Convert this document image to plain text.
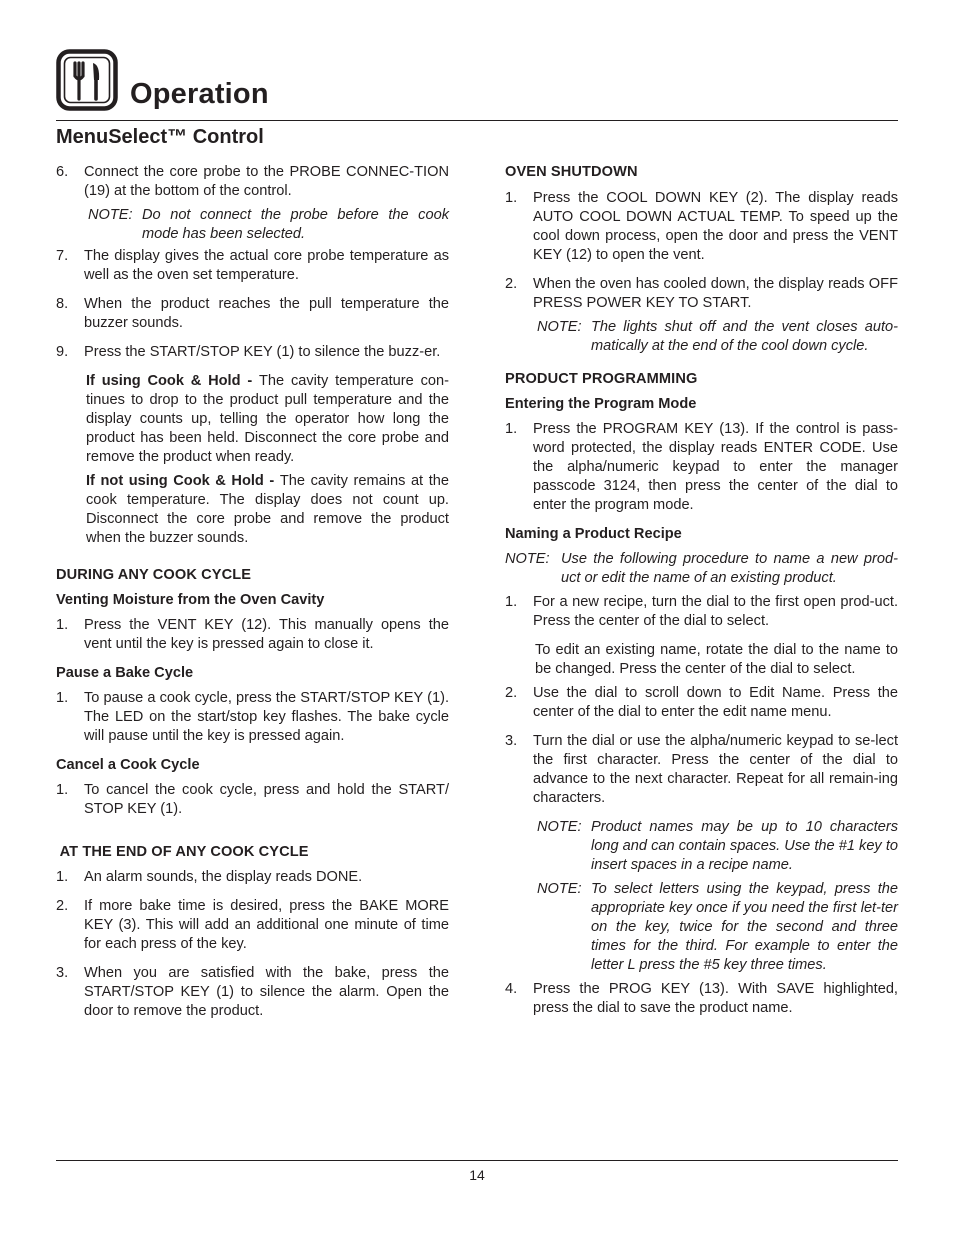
Operation
MenuSelect™ Control
6. Connect the core probe to the PROBE CONNEC-TION (19) at the bottom of the control.
NOTE: Do not connect the probe before the cook mode has been selected.
7. The display gives the actual core probe temperature as well as the oven set temperature.
8. When the product reaches the pull temperature the buzzer sounds.
9. Press the START/STOP KEY (1) to silence the buzz-er.

If using Cook & Hold - The cavity temperature con-tinues to drop to the product pull temperature and the display counts up, telling the operator how long the product has been held. Disconnect the core probe and remove the product when ready.

If not using Cook & Hold - The cavity remains at the cook temperature. The display does not count up. Disconnect the core probe and remove the product when the buzzer sounds.

DURING ANY COOK CYCLE
Venting Moisture from the Oven Cavity
1. Press the VENT KEY (12). This manually opens the vent until the key is pressed again to close it.
Pause a Bake Cycle
1. To pause a cook cycle, press the START/STOP KEY (1). The LED on the start/stop key flashes. The bake cycle will pause until the key is pressed again.
Cancel a Cook Cycle
1. To cancel the cook cycle, press and hold the START/ STOP KEY (1).
AT THE END OF ANY COOK CYCLE
1. An alarm sounds, the display reads DONE.
2. If more bake time is desired, press the BAKE MORE KEY (3). This will add an additional one minute of time for each press of the key.
3. When you are satisfied with the bake, press the START/STOP KEY (1) to silence the alarm. Open the door to remove the product.
OVEN SHUTDOWN
1. Press the COOL DOWN KEY (2). The display reads AUTO COOL DOWN ACTUAL TEMP. To speed up the cool down process, open the door and press the VENT KEY (12) to open the vent.
2. When the oven has cooled down, the display reads OFF PRESS POWER KEY TO START.
NOTE: The lights shut off and the vent closes auto-matically at the end of the cool down cycle.
PRODUCT PROGRAMMING
Entering the Program Mode
1. Press the PROGRAM KEY (13). If the control is pass-word protected, the display reads ENTER CODE. Use the alpha/numeric keypad to enter the manager passcode 3124, then press the center of the dial to enter the program mode.
Naming a Product Recipe
NOTE: Use the following procedure to name a new prod-uct or edit the name of an existing product.
1. For a new recipe, turn the dial to the first open prod-uct. Press the center of the dial to select.

To edit an existing name, rotate the dial to the name to be changed. Press the center of the dial to select.

2. Use the dial to scroll down to Edit Name. Press the center of the dial to enter the edit name menu.
3. Turn the dial or use the alpha/numeric keypad to se-lect the first character. Press the center of the dial to advance to the next character. Repeat for all remain-ing characters.
NOTE: Product names may be up to 10 characters long and can contain spaces. Use the #1 key to insert spaces in a recipe name.
NOTE: To select letters using the keypad, press the appropriate key once if you need the first let-ter on the key, twice for the second and three times for the third. For example to enter the letter L press the #5 key three times.
4. Press the PROG KEY (13). With SAVE highlighted, press the dial to save the product name.
14
